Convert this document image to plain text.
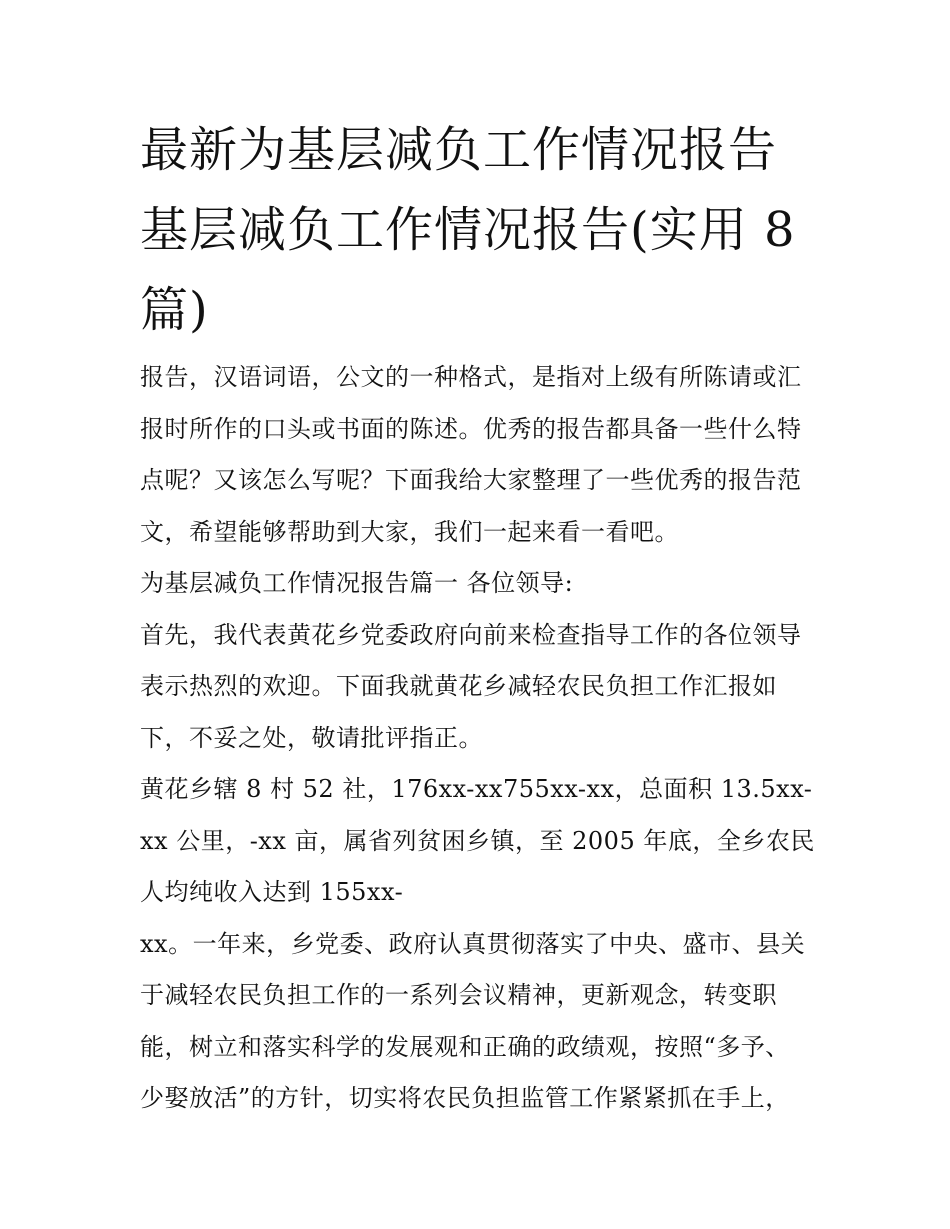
最新为基层减负工作情况报告
基层减负工作情况报告(实用 8
篇)
报告，汉语词语，公文的一种格式，是指对上级有所陈请或汇
报时所作的口头或书面的陈述。优秀的报告都具备一些什么特
点呢？又该怎么写呢？下面我给大家整理了一些优秀的报告范
文，希望能够帮助到大家，我们一起来看一看吧。
为基层减负工作情况报告篇一 各位领导:
首先，我代表黄花乡党委政府向前来检查指导工作的各位领导
表示热烈的欢迎。下面我就黄花乡减轻农民负担工作汇报如
下，不妥之处，敬请批评指正。
黄花乡辖 8 村 52 社，176xx-xx755xx-xx，总面积 13.5xx-
xx 公里，-xx 亩，属省列贫困乡镇，至 2005 年底，全乡农民
人均纯收入达到 155xx-
xx。一年来，乡党委、政府认真贯彻落实了中央、盛市、县关
于减轻农民负担工作的一系列会议精神，更新观念，转变职
能，树立和落实科学的发展观和正确的政绩观，按照“多予、
少娶放活”的方针，切实将农民负担监管工作紧紧抓在手上，
